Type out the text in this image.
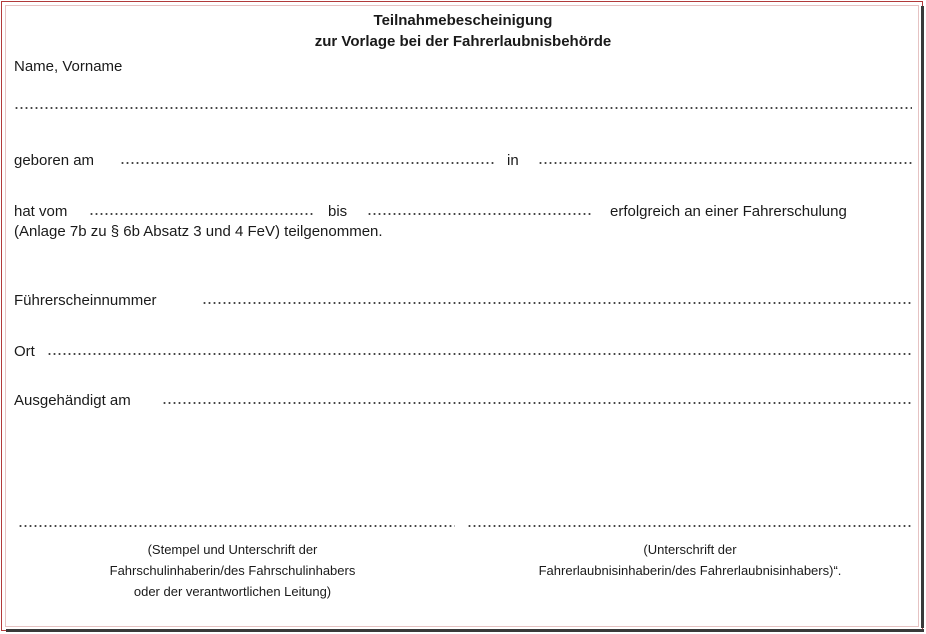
Teilnahmebescheinigung
zur Vorlage bei der Fahrerlaubnisbehörde
Name, Vorname
geboren am	in
hat vom	bis	erfolgreich an einer Fahrerschulung
(Anlage 7b zu § 6b Absatz 3 und 4 FeV) teilgenommen.
Führerscheinnummer
Ort
Ausgehändigt am
(Stempel und Unterschrift der
Fahrschulinhaberin/des Fahrschulinhabers
oder der verantwortlichen Leitung)
(Unterschrift der
Fahrerlaubnisinhaberin/des Fahrerlaubnisinhabers)“.
